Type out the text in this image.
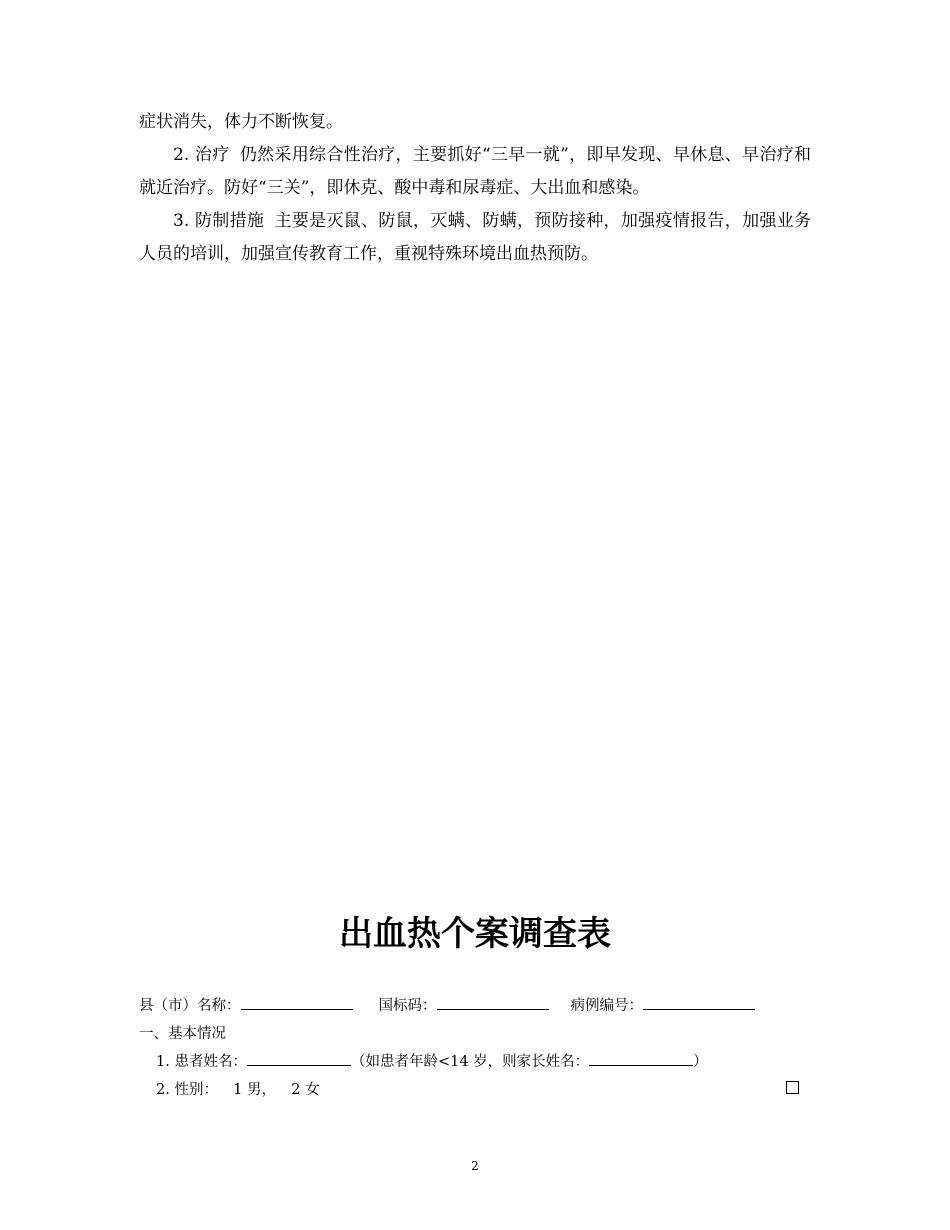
症状消失，体力不断恢复。

2. 治疗 仍然采用综合性治疗，主要抓好“三早一就”，即早发现、早休息、早治疗和就近治疗。防好“三关”，即休克、酸中毒和尿毒症、大出血和感染。

3. 防制措施 主要是灭鼠、防鼠，灭螨、防螨，预防接种，加强疫情报告，加强业务人员的培训，加强宣传教育工作，重视特殊环境出血热预防。

出血热个案调查表
县（市）名称：	国标码：	病例编号：
一、基本情况
1. 患者姓名：	（如患者年龄<14 岁，则家长姓名：	）
2. 性别： 1 男， 2 女
2
